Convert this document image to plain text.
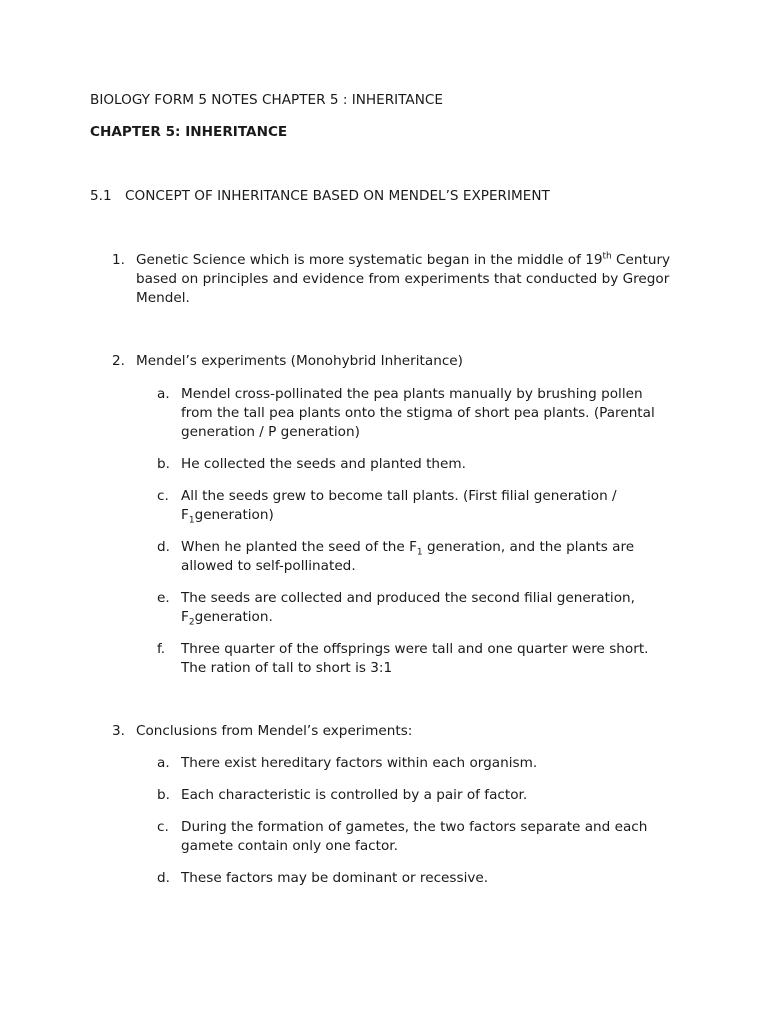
BIOLOGY FORM 5 NOTES CHAPTER 5 : INHERITANCE
CHAPTER 5: INHERITANCE
5.1 CONCEPT OF INHERITANCE BASED ON MENDEL’S EXPERIMENT
1. Genetic Science which is more systematic began in the middle of 19th Century based on principles and evidence from experiments that conducted by Gregor Mendel.
2. Mendel’s experiments (Monohybrid Inheritance)
a. Mendel cross-pollinated the pea plants manually by brushing pollen from the tall pea plants onto the stigma of short pea plants. (Parental generation / P generation)
b. He collected the seeds and planted them.
c. All the seeds grew to become tall plants. (First filial generation / $F_1generation$)
d. When he planted the seed of the $F_1$ generation, and the plants are allowed to self-pollinated.
e. The seeds are collected and produced the second filial generation, $F_2generation$.
f. Three quarter of the offsprings were tall and one quarter were short. The ration of tall to short is 3:1
3. Conclusions from Mendel’s experiments:
a. There exist hereditary factors within each organism.
b. Each characteristic is controlled by a pair of factor.
c. During the formation of gametes, the two factors separate and each gamete contain only one factor.
d. These factors may be dominant or recessive.
